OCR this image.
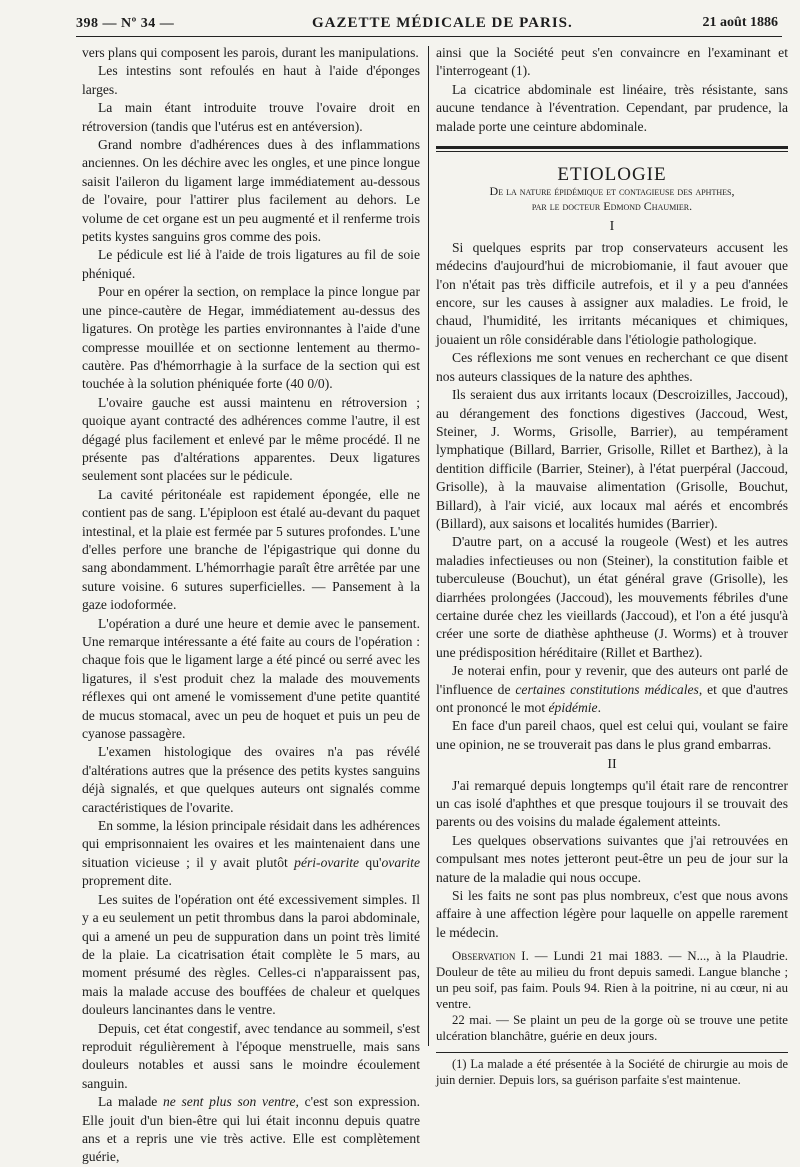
398 — Nº 34 —	GAZETTE MÉDICALE DE PARIS.	21 août 1886

vers plans qui composent les parois, durant les manipulations.

Les intestins sont refoulés en haut à l'aide d'éponges larges.

La main étant introduite trouve l'ovaire droit en rétroversion (tandis que l'utérus est en antéversion).

Grand nombre d'adhérences dues à des inflammations anciennes. On les déchire avec les ongles, et une pince longue saisit l'aileron du ligament large immédiatement au-dessous de l'ovaire, pour l'attirer plus facilement au dehors. Le volume de cet organe est un peu augmenté et il renferme trois petits kystes sanguins gros comme des pois.

Le pédicule est lié à l'aide de trois ligatures au fil de soie phéniqué.

Pour en opérer la section, on remplace la pince longue par une pince-cautère de Hegar, immédiatement au-dessus des ligatures. On protège les parties environnantes à l'aide d'une compresse mouillée et on sectionne lentement au thermo-cautère. Pas d'hémorrhagie à la surface de la section qui est touchée à la solution phéniquée forte (40 0/0).

L'ovaire gauche est aussi maintenu en rétroversion ; quoique ayant contracté des adhérences comme l'autre, il est dégagé plus facilement et enlevé par le même procédé. Il ne présente pas d'altérations apparentes. Deux ligatures seulement sont placées sur le pédicule.

La cavité péritonéale est rapidement épongée, elle ne contient pas de sang. L'épiploon est étalé au-devant du paquet intestinal, et la plaie est fermée par 5 sutures profondes. L'une d'elles perfore une branche de l'épigastrique qui donne du sang abondamment. L'hémorrhagie paraît être arrêtée par une suture voisine. 6 sutures superficielles. — Pansement à la gaze iodoformée.

L'opération a duré une heure et demie avec le pansement. Une remarque intéressante a été faite au cours de l'opération : chaque fois que le ligament large a été pincé ou serré avec les ligatures, il s'est produit chez la malade des mouvements réflexes qui ont amené le vomissement d'une petite quantité de mucus stomacal, avec un peu de hoquet et puis un peu de cyanose passagère.

L'examen histologique des ovaires n'a pas révélé d'altérations autres que la présence des petits kystes sanguins déjà signalés, et que quelques auteurs ont signalés comme caractéristiques de l'ovarite.

En somme, la lésion principale résidait dans les adhérences qui emprisonnaient les ovaires et les maintenaient dans une situation vicieuse ; il y avait plutôt péri-ovarite qu'ovarite proprement dite.

Les suites de l'opération ont été excessivement simples. Il y a eu seulement un petit thrombus dans la paroi abdominale, qui a amené un peu de suppuration dans un point très limité de la plaie. La cicatrisation était complète le 5 mars, au moment présumé des règles. Celles-ci n'apparaissent pas, mais la malade accuse des bouffées de chaleur et quelques douleurs lancinantes dans le ventre.

Depuis, cet état congestif, avec tendance au sommeil, s'est reproduit régulièrement à l'époque menstruelle, mais sans douleurs notables et aussi sans le moindre écoulement sanguin.

La malade ne sent plus son ventre, c'est son expression. Elle jouit d'un bien-être qui lui était inconnu depuis quatre ans et a repris une vie très active. Elle est complètement guérie,

ainsi que la Société peut s'en convaincre en l'examinant et l'interrogeant (1).

La cicatrice abdominale est linéaire, très résistante, sans aucune tendance à l'éventration. Cependant, par prudence, la malade porte une ceinture abdominale.

ETIOLOGIE

De la nature épidémique et contagieuse des aphthes,
par le docteur Edmond Chaumier.
I

Si quelques esprits par trop conservateurs accusent les médecins d'aujourd'hui de microbiomanie, il faut avouer que l'on n'était pas très difficile autrefois, et il y a peu d'années encore, sur les causes à assigner aux maladies. Le froid, le chaud, l'humidité, les irritants mécaniques et chimiques, jouaient un rôle considérable dans l'étiologie pathologique.

Ces réflexions me sont venues en recherchant ce que disent nos auteurs classiques de la nature des aphthes.

Ils seraient dus aux irritants locaux (Descroizilles, Jaccoud), au dérangement des fonctions digestives (Jaccoud, West, Steiner, J. Worms, Grisolle, Barrier), au tempérament lymphatique (Billard, Barrier, Grisolle, Rillet et Barthez), à la dentition difficile (Barrier, Steiner), à l'état puerpéral (Jaccoud, Grisolle), à la mauvaise alimentation (Grisolle, Bouchut, Billard), à l'air vicié, aux locaux mal aérés et encombrés (Billard), aux saisons et localités humides (Barrier).

D'autre part, on a accusé la rougeole (West) et les autres maladies infectieuses ou non (Steiner), la constitution faible et tuberculeuse (Bouchut), un état général grave (Grisolle), les diarrhées prolongées (Jaccoud), les mouvements fébriles d'une certaine durée chez les vieillards (Jaccoud), et l'on a été jusqu'à créer une sorte de diathèse aphtheuse (J. Worms) et à trouver une prédisposition héréditaire (Rillet et Barthez).

Je noterai enfin, pour y revenir, que des auteurs ont parlé de l'influence de certaines constitutions médicales, et que d'autres ont prononcé le mot épidémie.

En face d'un pareil chaos, quel est celui qui, voulant se faire une opinion, ne se trouverait pas dans le plus grand embarras.

II

J'ai remarqué depuis longtemps qu'il était rare de rencontrer un cas isolé d'aphthes et que presque toujours il se trouvait des parents ou des voisins du malade également atteints.

Les quelques observations suivantes que j'ai retrouvées en compulsant mes notes jetteront peut-être un peu de jour sur la nature de la maladie qui nous occupe.

Si les faits ne sont pas plus nombreux, c'est que nous avons affaire à une affection légère pour laquelle on appelle rarement le médecin.

Observation I. — Lundi 21 mai 1883. — N..., à la Plaudrie. Douleur de tête au milieu du front depuis samedi. Langue blanche ; un peu soif, pas faim. Pouls 94. Rien à la poitrine, ni au cœur, ni au ventre.

22 mai. — Se plaint un peu de la gorge où se trouve une petite ulcération blanchâtre, guérie en deux jours.

(1) La malade a été présentée à la Société de chirurgie au mois de juin dernier. Depuis lors, sa guérison parfaite s'est maintenue.
